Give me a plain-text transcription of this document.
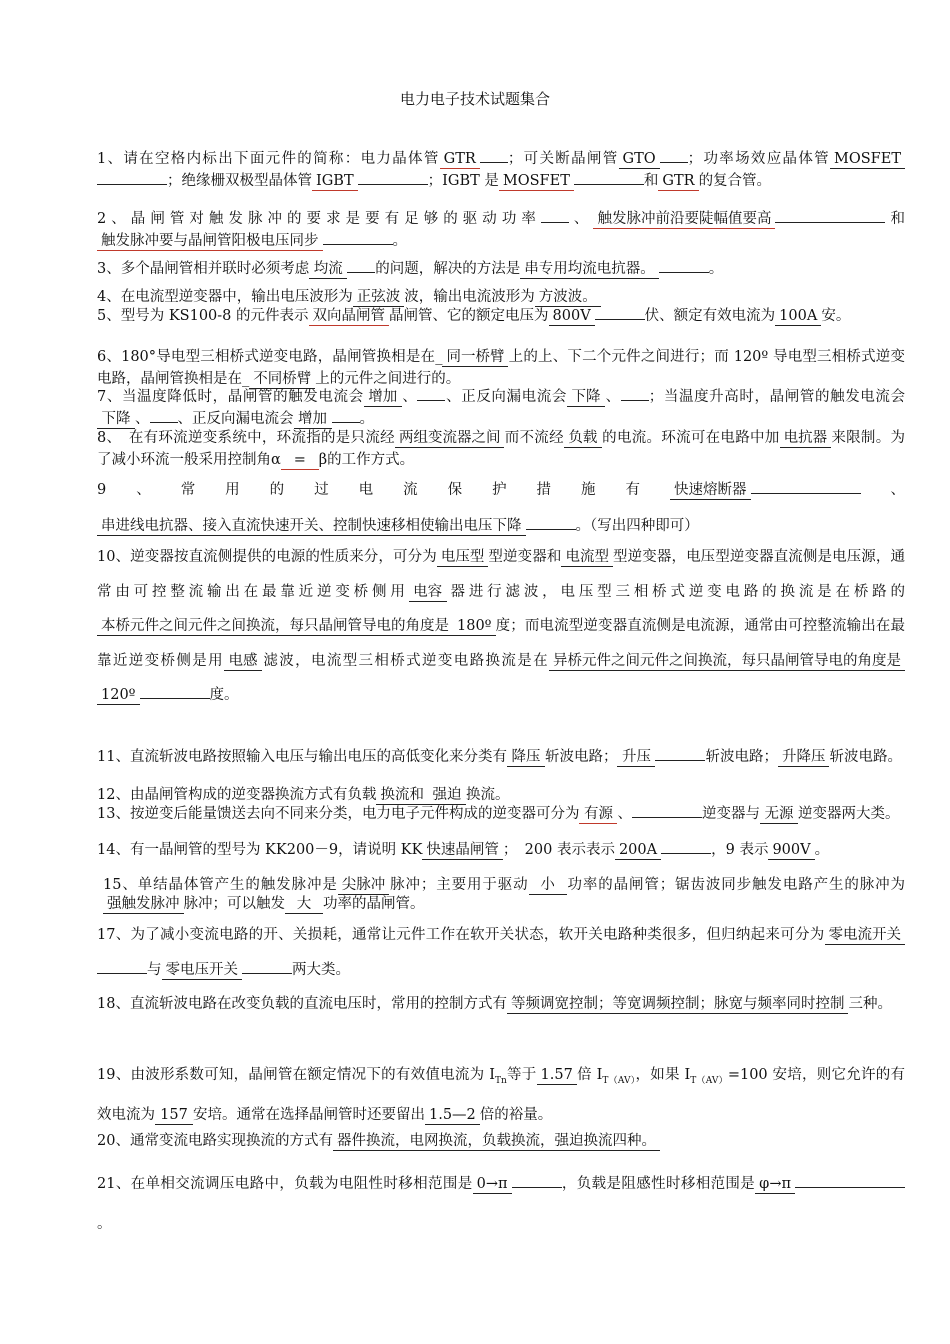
电力电子技术试题集合
1、请在空格内标出下面元件的简称：电力晶体管 GTR ；可关断晶闸管 GTO ；功率场效应晶体管 MOSFET；绝缘栅双极型晶体管 IGBT	；IGBT 是 MOSFET	和 GTR 的复合管。
2、晶闸管对触发脉冲的要求是要有足够的驱动功率 、 触发脉冲前沿要陡幅值要高	和触发脉冲要与晶闸管阳极电压同步	。
3、多个晶闸管相并联时必须考虑 均流 的问题，解决的方法是 串专用均流电抗器。	。
4、在电流型逆变器中，输出电压波形为 正弦波 波，输出电流波形为 方波波。
5、型号为 KS100-8 的元件表示 双向晶闸管 晶闸管、它的额定电压为 800V	伏、额定有效电流为 100A 安。
6、180°导电型三相桥式逆变电路，晶闸管换相是在_ 同一桥臂 上的上、下二个元件之间进行；而 120º 导电型三相桥式逆变电路，晶闸管换相是在_ 不同桥臂 上的元件之间进行的。
7、当温度降低时，晶闸管的触发电流会 增加 、 、正反向漏电流会 下降 、 ；当温度升高时，晶闸管的触发电流会下降 、 、正反向漏电流会 增加 。
8、　在有环流逆变系统中，环流指的是只流经 两组变流器之间 而不流经 负载 的电流。环流可在电路中加 电抗器 来限制。为了减小环流一般采用控制角α = β的工作方式。
9、常用的过电流保护措施有 快速熔断器	、串进线电抗器、接入直流快速开关、控制快速移相使输出电压下降	。（写出四种即可）
10、逆变器按直流侧提供的电源的性质来分，可分为 电压型 型逆变器和 电流型 型逆变器，电压型逆变器直流侧是电压源，通常由可控整流输出在最靠近逆变桥侧用 电容 器进行滤波，电压型三相桥式逆变电路的换流是在桥路的本桥元件之间元件之间换流，每只晶闸管导电的角度是 180º 度；而电流型逆变器直流侧是电流源，通常由可控整流输出在最靠近逆变桥侧是用 电感 滤波，电流型三相桥式逆变电路换流是在 异桥元件之间元件之间换流，每只晶闸管导电的角度是120º	度。
11、直流斩波电路按照输入电压与输出电压的高低变化来分类有 降压 斩波电路； 升压	斩波电路； 升降压 斩波电路。
12、由晶闸管构成的逆变器换流方式有负载 换流和 强迫 换流。
13、按逆变后能量馈送去向不同来分类，电力电子元件构成的逆变器可分为 有源 、	逆变器与 无源 逆变器两大类。
14、有一晶闸管的型号为 KK200－9，请说明 KK 快速晶闸管 ；　200 表示表示 200A	，9 表示 900V 。
15、单结晶体管产生的触发脉冲是 尖脉冲 脉冲；主要用于驱动 小 功率的晶闸管；锯齿波同步触发电路产生的脉冲为强触发脉冲 脉冲；可以触发 大 功率的晶闸管。
17、为了减小变流电路的开、关损耗，通常让元件工作在软开关状态，软开关电路种类很多，但归纳起来可分为 零电流开关与 零电压开关	两大类。
18、直流斩波电路在改变负载的直流电压时，常用的控制方式有 等频调宽控制；等宽调频控制；脉宽与频率同时控制 三种。
19、由波形系数可知，晶闸管在额定情况下的有效值电流为 $I_{Tn}$等于 1.57 倍 $I_{T(AV)}$，如果 $I_{T(AV)}=100$ 安培，则它允许的有效电流为 157 安培。通常在选择晶闸管时还要留出 1.5—2 倍的裕量。
20、通常变流电路实现换流的方式有 器件换流，电网换流，负载换流，强迫换流四种。
21、在单相交流调压电路中，负载为电阻性时移相范围是 0→π	，负载是阻感性时移相范围是 φ→π。
